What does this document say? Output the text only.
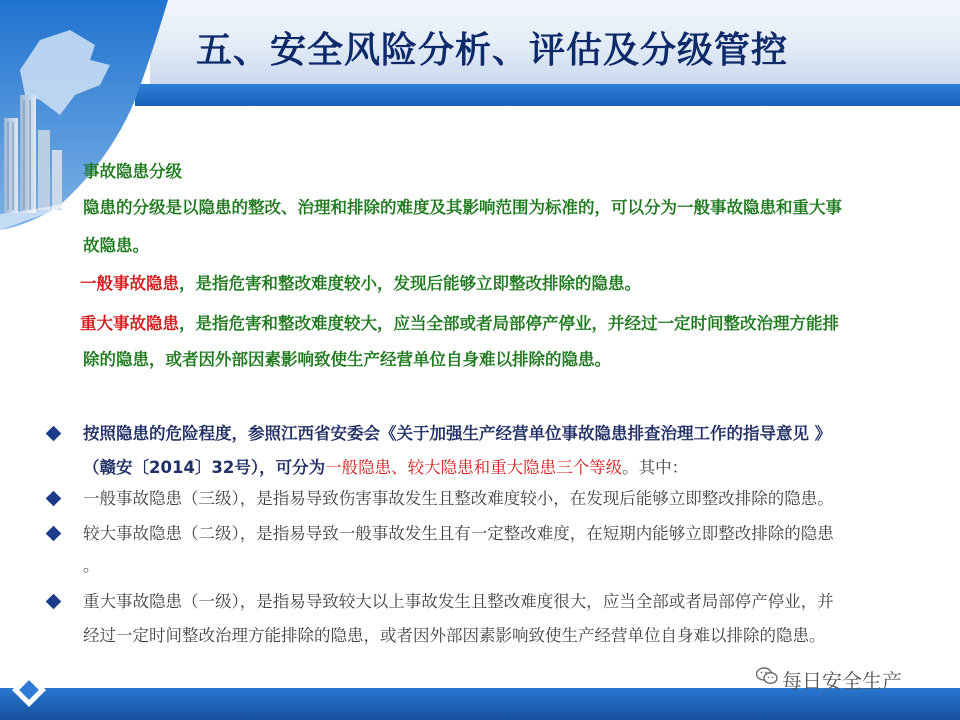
五、安全风险分析、评估及分级管控
事故隐患分级
隐患的分级是以隐患的整改、治理和排除的难度及其影响范围为标准的，可以分为一般事故隐患和重大事
故隐患。
一般事故隐患，是指危害和整改难度较小，发现后能够立即整改排除的隐患。
重大事故隐患，是指危害和整改难度较大，应当全部或者局部停产停业，并经过一定时间整改治理方能排
除的隐患，或者因外部因素影响致使生产经营单位自身难以排除的隐患。
按照隐患的危险程度，参照江西省安委会《关于加强生产经营单位事故隐患排查治理工作的指导意见 》
（赣安〔2014〕32号），可分为一般隐患、较大隐患和重大隐患三个等级。其中：
一般事故隐患（三级），是指易导致伤害事故发生且整改难度较小，在发现后能够立即整改排除的隐患。
较大事故隐患（二级），是指易导致一般事故发生且有一定整改难度，在短期内能够立即整改排除的隐患
。
重大事故隐患（一级），是指易导致较大以上事故发生且整改难度很大，应当全部或者局部停产停业，并
经过一定时间整改治理方能排除的隐患，或者因外部因素影响致使生产经营单位自身难以排除的隐患。
每日安全生产
